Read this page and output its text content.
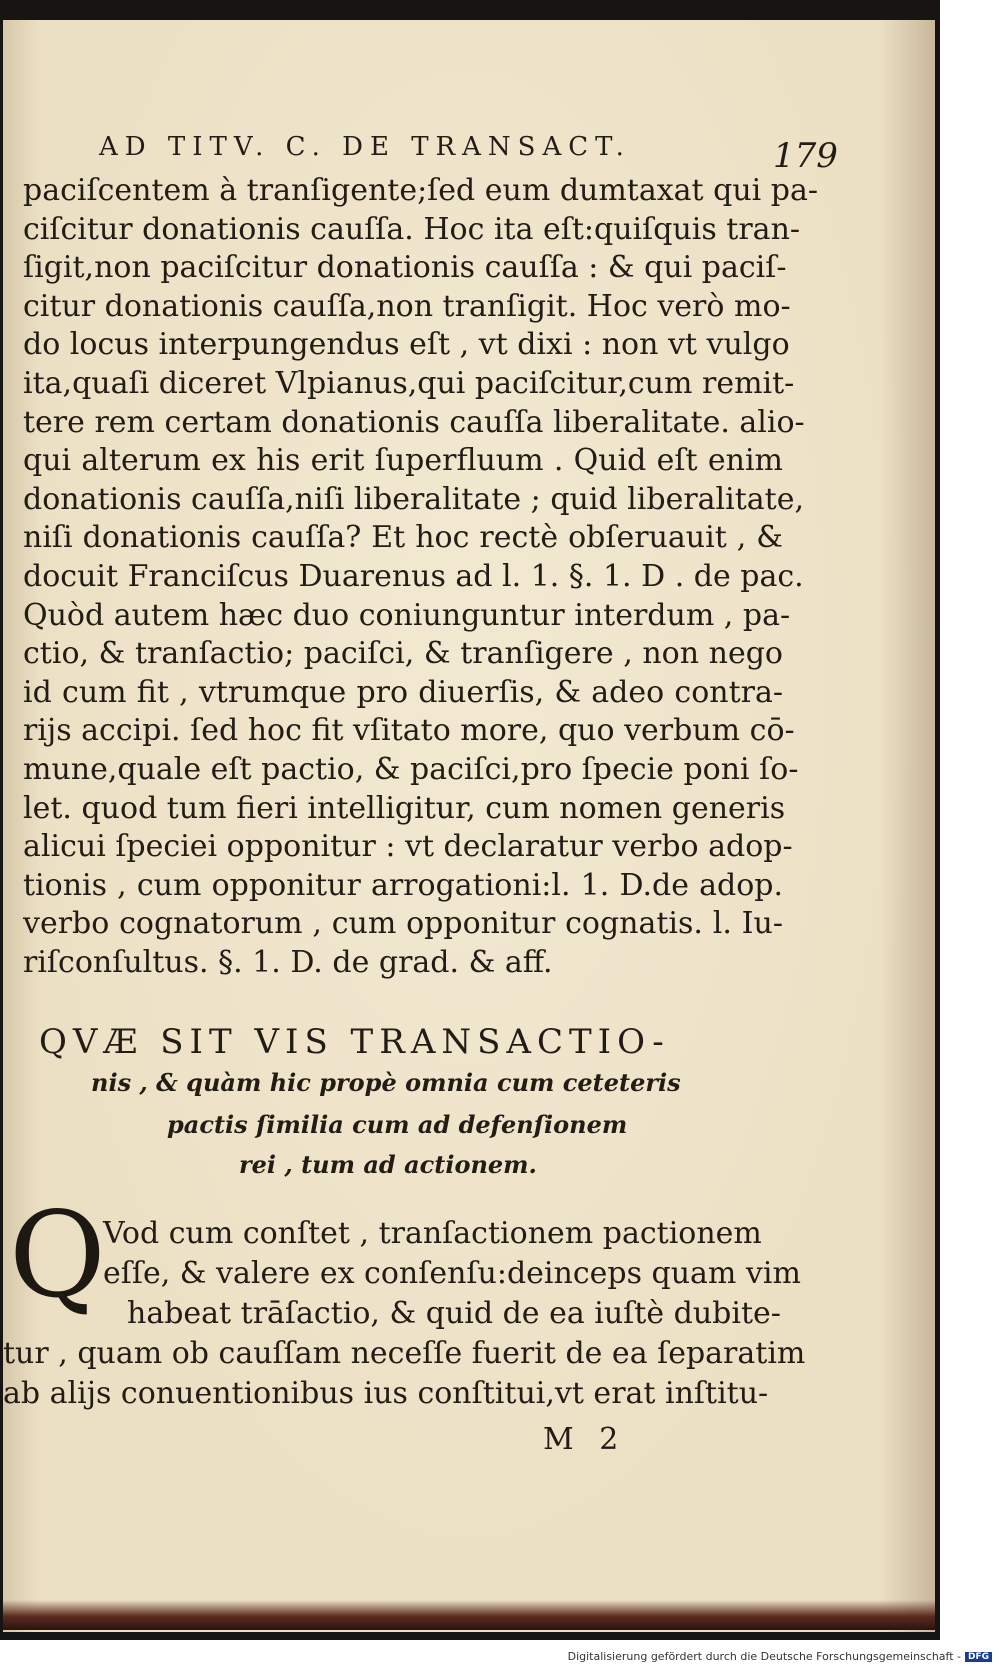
AD TITV. C. DE TRANSACT.	179
paciſcentem à tranſigente;ſed eum dumtaxat qui pa-
ciſcitur donationis cauſſa. Hoc ita eſt:quiſquis tran-
ſigit,non paciſcitur donationis cauſſa : & qui paciſ-
citur donationis cauſſa,non tranſigit. Hoc verò mo-
do locus interpungendus eſt , vt dixi : non vt vulgo
ita,quaſi diceret Vlpianus,qui paciſcitur,cum remit-
tere rem certam donationis cauſſa liberalitate. alio-
qui alterum ex his erit ſuperfluum . Quid eſt enim
donationis cauſſa,niſi liberalitate ; quid liberalitate,
niſi donationis cauſſa? Et hoc rectè obſeruauit , &
docuit Franciſcus Duarenus ad l. 1. §. 1. D . de pac.
Quòd autem hæc duo coniunguntur interdum , pa-
ctio, & tranſactio; paciſci, & tranſigere , non nego
id cum fit , vtrumque pro diuerſis, & adeo contra-
rijs accipi. ſed hoc fit vſitato more, quo verbum cō-
mune,quale eſt pactio, & paciſci,pro ſpecie poni ſo-
let. quod tum fieri intelligitur, cum nomen generis
alicui ſpeciei opponitur : vt declaratur verbo adop-
tionis , cum opponitur arrogationi:l. 1. D.de adop.
verbo cognatorum , cum opponitur cognatis. l. Iu-
riſconſultus. §. 1. D. de grad. & aff.
QVÆ SIT VIS TRANSACTIO-
nis , & quàm hic propè omnia cum ceteteris
pactis ſimilia cum ad defenſionem
rei , tum ad actionem.
Q
Vod cum conſtet , tranſactionem pactionem
eſſe, & valere ex conſenſu:deinceps quam vim
habeat trāſactio, & quid de ea iuſtè dubite-
tur , quam ob cauſſam neceſſe fuerit de ea ſeparatim
ab alijs conuentionibus ius conſtitui,vt erat inſtitu-
M 2
Digitalisierung gefördert durch die Deutsche Forschungsgemeinschaft - DFG
